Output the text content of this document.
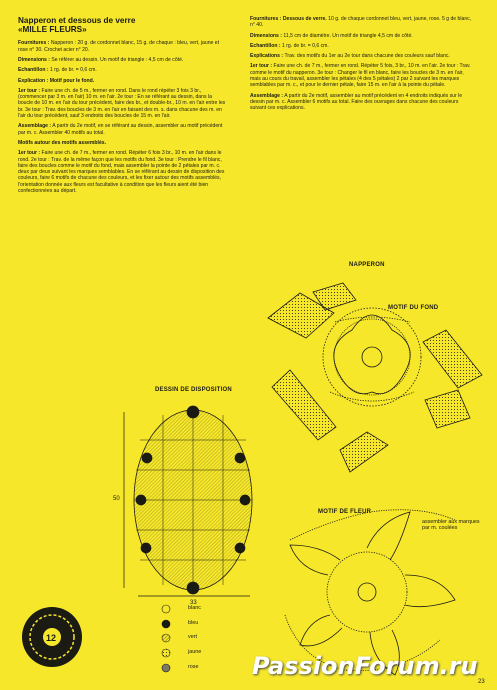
Napperon et dessous de verre
«MILLE FLEURS»

Fournitures : Napperon : 20 g. de cordonnet blanc, 15 g. de chaque : bleu, vert, jaune et rose n° 30. Crochet acier n° 20.

Dimensions : Se référer au dessin. Un motif de triangle : 4,5 cm de côté.

Echantillon : 1 rg. de br. = 0,6 cm.

Explication : Motif pour le fond.

1er tour : Faire une ch. de 5 m., fermer en rond. Dans le rond répéter 3 fois 3 br., (commencer par 3 m. en l'air) 10 m. en l'air. 2e tour : En se référant au dessin, dans la boucle de 10 m. en l'air du tour précédent, faire des br., et double-br., 10 m. en l'air entre les br. 3e tour : Trav. des boucles de 3 m. en l'air en faisant des m. s. dans chacune des m. en l'air du tour précédent, sauf 3 endroits des boucles de 15 m. en l'air.

Assemblage : A partir du 2e motif, en se référant au dessin, assembler au motif précédent par m. c. Assembler 40 motifs au total.

Motifs autour des motifs assemblés.

1er tour : Faire une ch. de 7 m., fermer en rond. Répéter 6 fois 3 br., 10 m. en l'air dans le rond. 2e tour : Trav. de la même façon que les motifs du fond. 3e tour : Prendre le fil blanc, faire des boucles comme le motif du fond, mais assembler la pointe de 2 pétales par m. c. deux par deux suivant les marques semblables. En se référant au dessin de disposition des couleurs, faire 6 motifs de chacune des couleurs, et les fixer autour des motifs assemblés, l'orientation donnée aux fleurs est facultative à condition que les fleurs aient été bien confectionnées au départ.

Fournitures : Dessous de verre. 10 g. de chaque cordonnet bleu, vert, jaune, rose. 5 g de blanc, n° 40.

Dimensions : 11,5 cm de diamètre. Un motif de triangle 4,5 cm de côté.

Echantillon : 1 rg. de br. = 0,6 cm.

Explications : Trav. des motifs du 1er au 2e tour dans chacune des couleurs sauf blanc.

1er tour : Faire une ch. de 7 m., fermer en rond. Répéter 5 fois, 3 br., 10 m. en l'air. 2e tour : Trav. comme le motif du napperon. 3e tour : Changer le fil en blanc, faire les boucles de 3 m. en l'air, mais au cours du travail, assembler les pétales (4 des 5 pétales) 2 par 2 suivant les marques semblables par m. c., et pour le dernier pétale, faire 15 m. en l'air à la pointe du pétale.

Assemblage : A partir du 2e motif, assembler au motif précédent en 4 endroits indiqués sur le dessin par m. c. Assembler 6 motifs au total. Faire des ouvrages dans chacune des couleurs suivant ces explications.

NAPPERON
MOTIF DU FOND
DESSIN DE DISPOSITION
MOTIF DE FLEUR
assembler aux marques par m. coulées
50
33
12
blanc
bleu
vert
jaune
rose PassionForum.ru
23
